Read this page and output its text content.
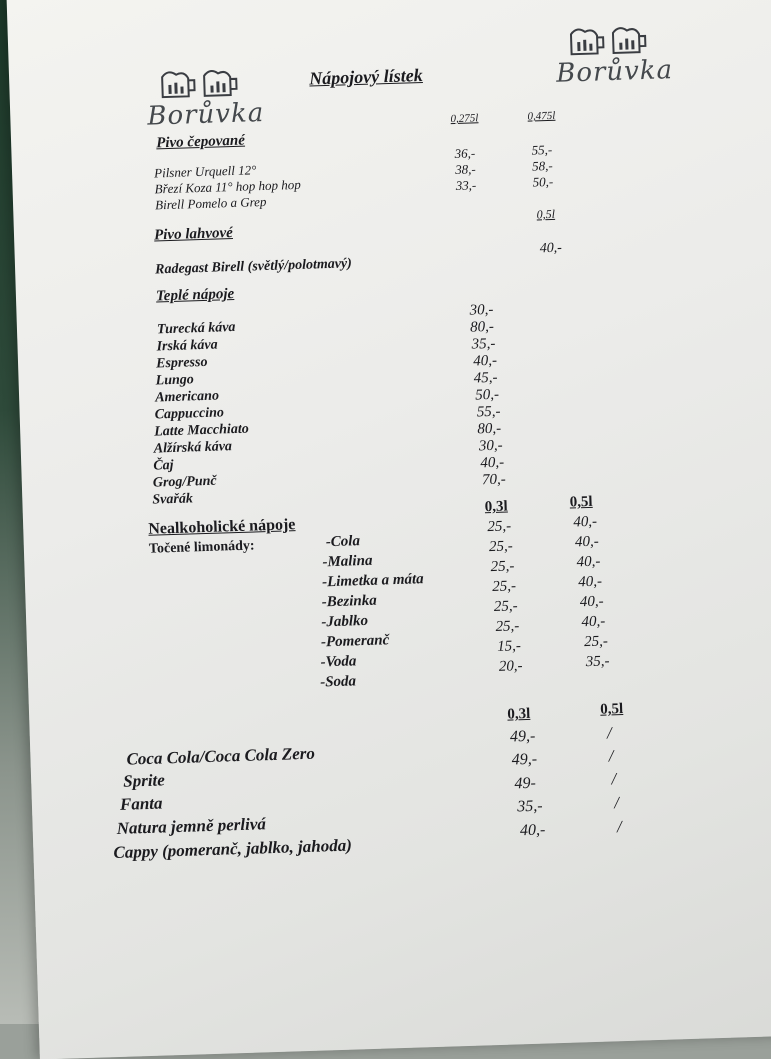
Borůvka
Borůvka
Nápojový lístek
Pivo čepované
0,275l	0,475l
Pilsner Urquell 12°
36,-	55,-
Březí Koza 11° hop hop hop
38,-	58,-
Birell Pomelo a Grep
33,-	50,-
Pivo lahvové
0,5l
Radegast Birell (světlý/polotmavý)
40,-
Teplé nápoje
Turecká káva
30,-
Irská káva
80,-
Espresso
35,-
Lungo
40,-
Americano
45,-
Cappuccino
50,-
Latte Macchiato
55,-
Alžírská káva
80,-
Čaj
30,-
Grog/Punč
40,-
Svařák
70,-
Nealkoholické nápoje
Točené limonády:
0,3l	0,5l
-Cola
25,-	40,-
-Malina
25,-	40,-
-Limetka a máta
25,-	40,-
-Bezinka
25,-	40,-
-Jablko
25,-	40,-
-Pomeranč
25,-	40,-
-Voda
15,-	25,-
-Soda
20,-	35,-
0,3l	0,5l
Coca Cola/Coca Cola Zero
49,-	/
Sprite
49,-	/
Fanta
49-	/
Natura jemně perlivá
35,-	/
Cappy (pomeranč, jablko, jahoda)
40,-	/
